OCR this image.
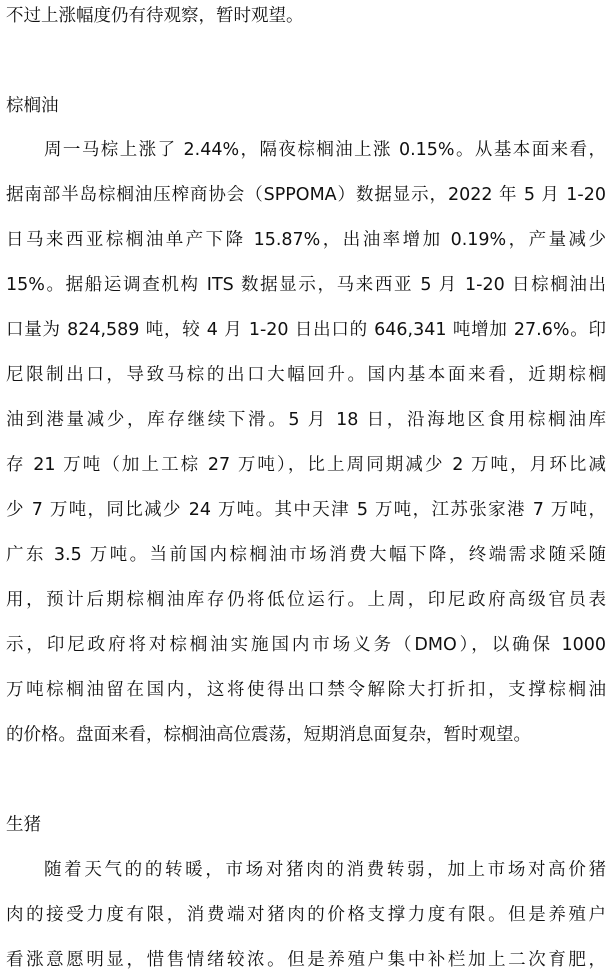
不过上涨幅度仍有待观察，暂时观望。
棕榈油
周一马棕上涨了 2.44%，隔夜棕榈油上涨 0.15%。从基本面来看，
据南部半岛棕榈油压榨商协会（SPPOMA）数据显示，2022 年 5 月 1-20
日马来西亚棕榈油单产下降 15.87%，出油率增加 0.19%，产量减少
15%。据船运调查机构 ITS 数据显示，马来西亚 5 月 1-20 日棕榈油出
口量为 824,589 吨，较 4 月 1-20 日出口的 646,341 吨增加 27.6%。印
尼限制出口，导致马棕的出口大幅回升。国内基本面来看，近期棕榈
油到港量减少，库存继续下滑。5 月 18 日，沿海地区食用棕榈油库
存 21 万吨（加上工棕 27 万吨），比上周同期减少 2 万吨，月环比减
少 7 万吨，同比减少 24 万吨。其中天津 5 万吨，江苏张家港 7 万吨，
广东 3.5 万吨。当前国内棕榈油市场消费大幅下降，终端需求随采随
用，预计后期棕榈油库存仍将低位运行。上周，印尼政府高级官员表
示，印尼政府将对棕榈油实施国内市场义务（DMO），以确保 1000
万吨棕榈油留在国内，这将使得出口禁令解除大打折扣，支撑棕榈油
的价格。盘面来看，棕榈油高位震荡，短期消息面复杂，暂时观望。
生猪
随着天气的的转暖，市场对猪肉的消费转弱，加上市场对高价猪
肉的接受力度有限，消费端对猪肉的价格支撑力度有限。但是养殖户
看涨意愿明显，惜售情绪较浓。但是养殖户集中补栏加上二次育肥，
